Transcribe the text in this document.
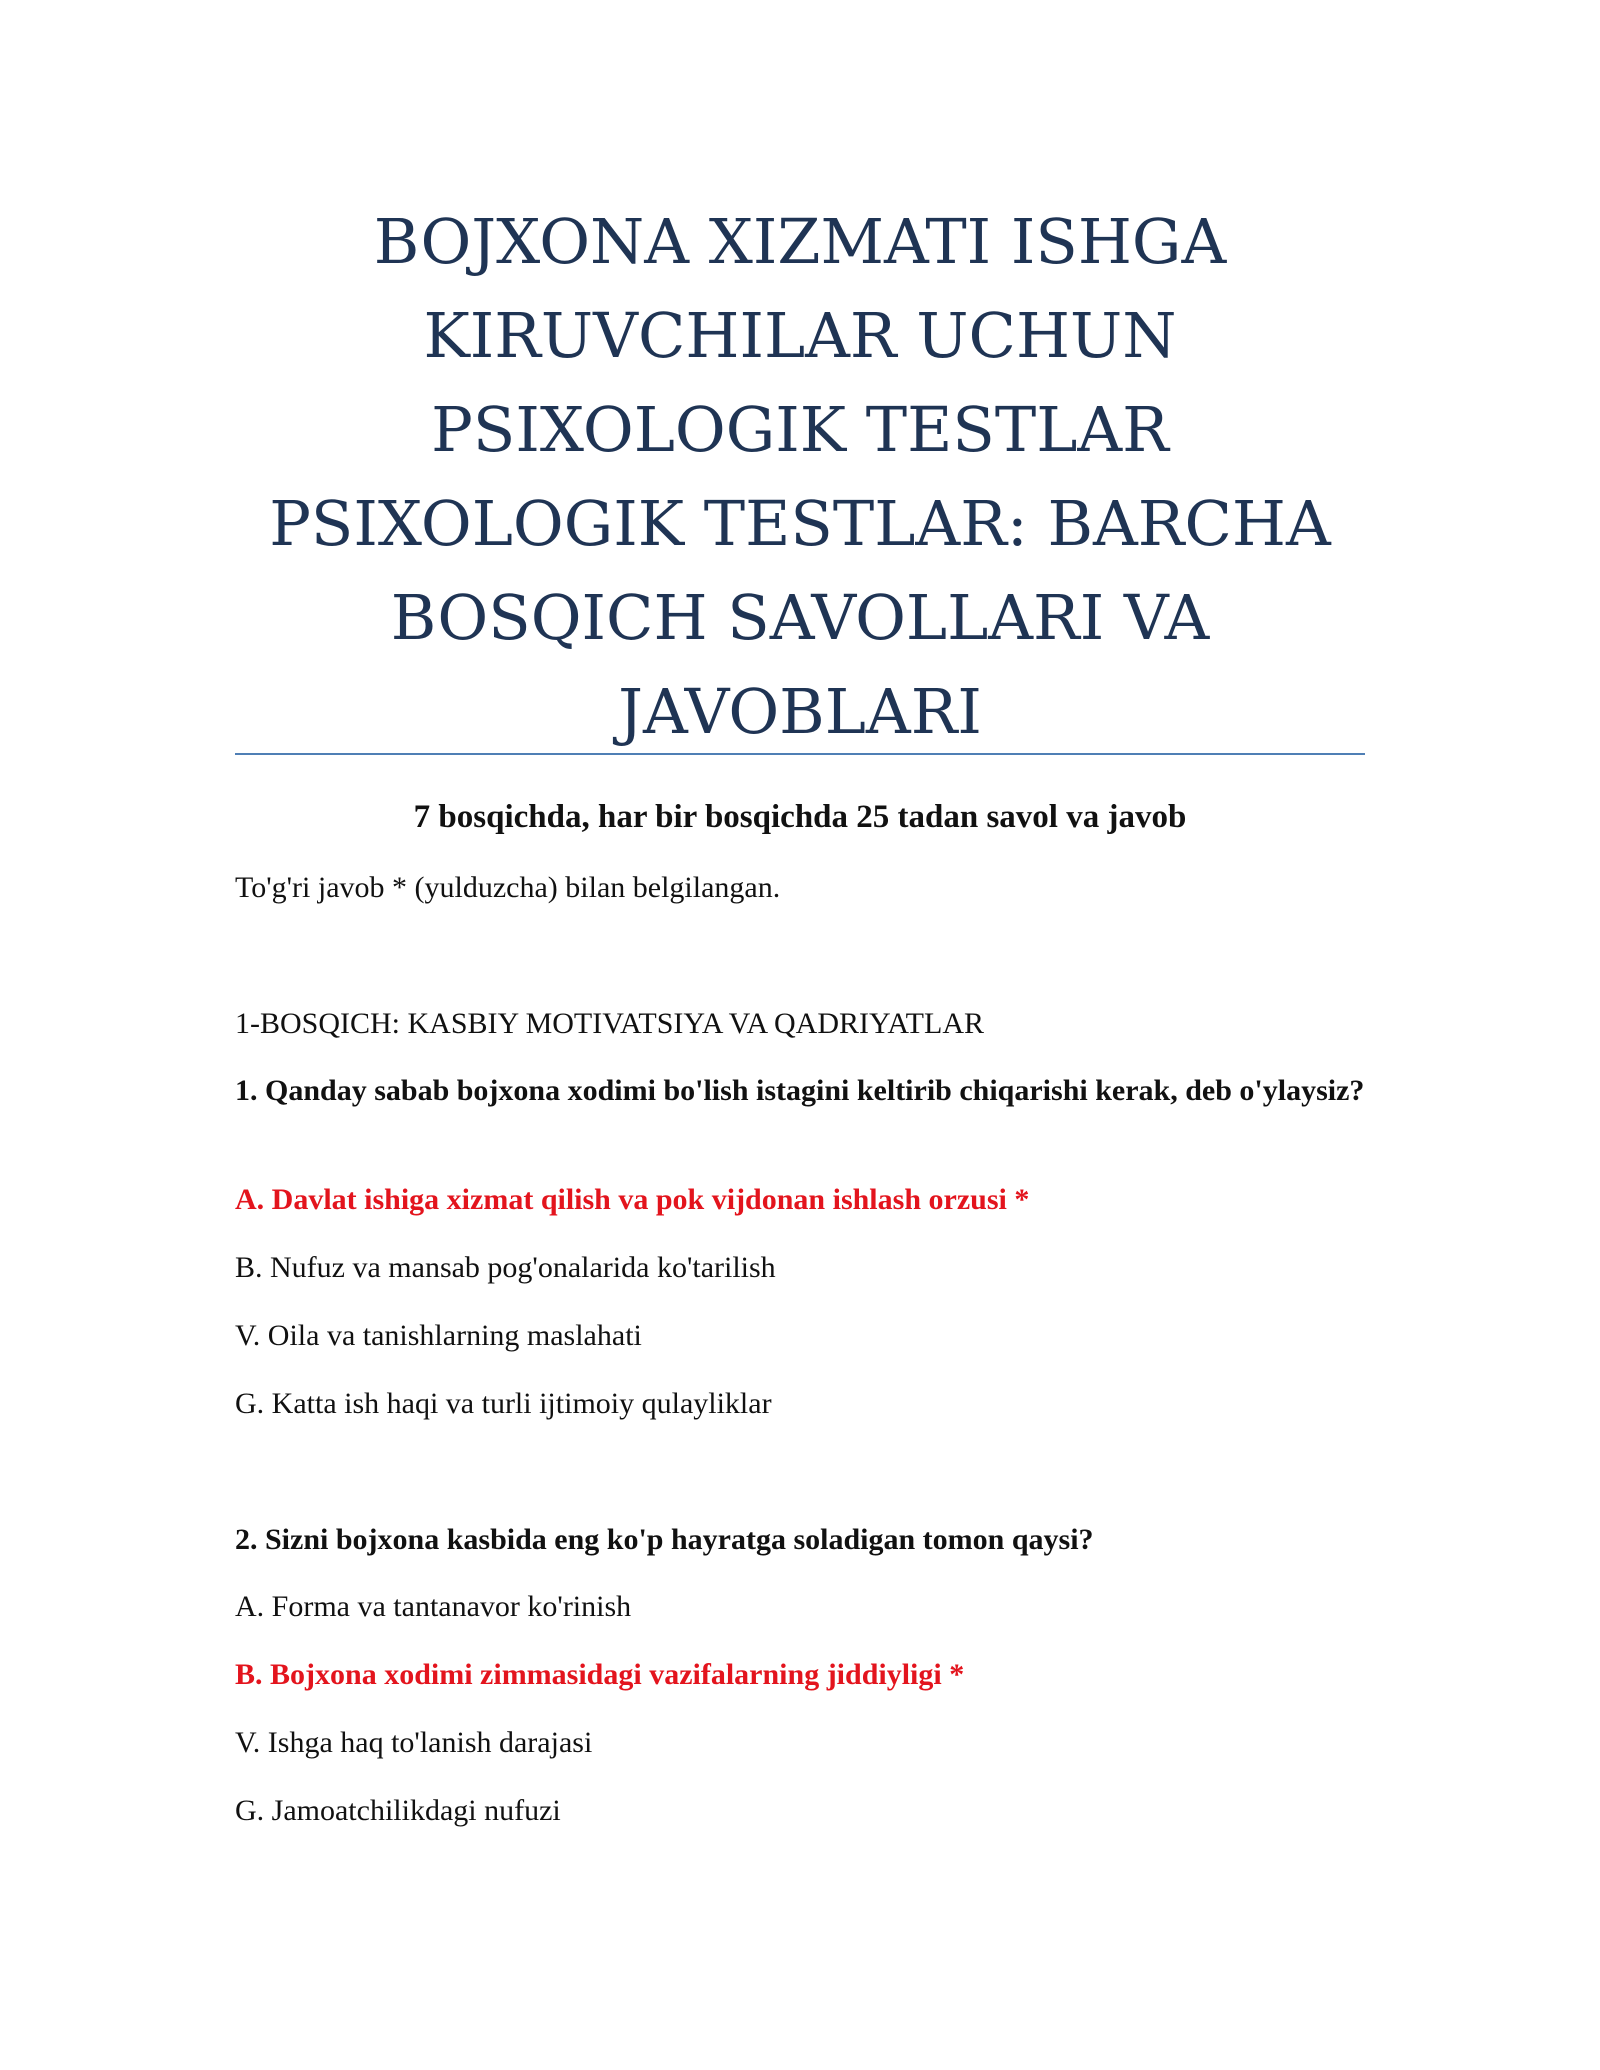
BOJXONA XIZMATI ISHGA
KIRUVCHILAR UCHUN
PSIXOLOGIK TESTLAR
PSIXOLOGIK TESTLAR: BARCHA
BOSQICH SAVOLLARI VA
JAVOBLARI
7 bosqichda, har bir bosqichda 25 tadan savol va javob
To'g'ri javob * (yulduzcha) bilan belgilangan.
1-BOSQICH: KASBIY MOTIVATSIYA VA QADRIYATLAR
1. Qanday sabab bojxona xodimi bo'lish istagini keltirib chiqarishi kerak, deb o'ylaysiz?
A. Davlat ishiga xizmat qilish va pok vijdonan ishlash orzusi *
B. Nufuz va mansab pog'onalarida ko'tarilish
V. Oila va tanishlarning maslahati
G. Katta ish haqi va turli ijtimoiy qulayliklar
2. Sizni bojxona kasbida eng ko'p hayratga soladigan tomon qaysi?
A. Forma va tantanavor ko'rinish
B. Bojxona xodimi zimmasidagi vazifalarning jiddiyligi *
V. Ishga haq to'lanish darajasi
G. Jamoatchilikdagi nufuzi
